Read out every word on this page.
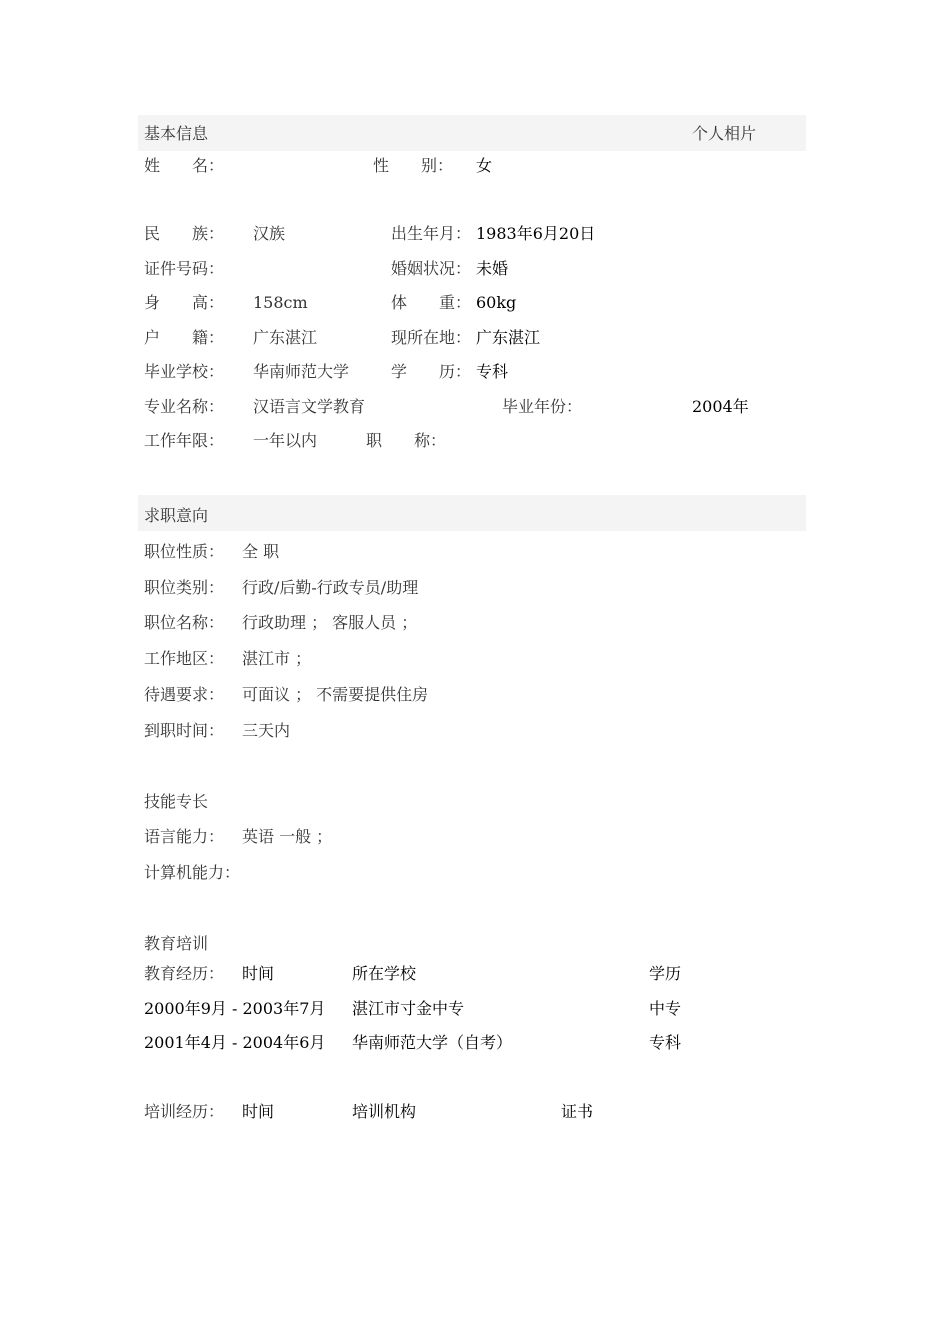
基本信息	个人相片
姓　　名：	性　　别： 女
民　　族： 汉族	出生年月： 1983年6月20日
证件号码：	婚姻状况： 未婚
身　　高： 158cm	体　　重： 60kg
户　　籍： 广东湛江	现所在地： 广东湛江
毕业学校： 华南师范大学	学　　历： 专科
专业名称： 汉语言文学教育	毕业年份：	2004年
工作年限： 一年以内	职　　称：
求职意向
职位性质： 全 职
职位类别： 行政/后勤-行政专员/助理
职位名称： 行政助理 ； 客服人员 ；
工作地区： 湛江市 ；
待遇要求： 可面议 ； 不需要提供住房
到职时间： 三天内
技能专长
语言能力： 英语 一般 ；
计算机能力：
教育培训
教育经历： 时间	所在学校	学历
2000年9月 - 2003年7月 湛江市寸金中专	中专
2001年4月 - 2004年6月 华南师范大学（自考）	专科
培训经历： 时间	培训机构	证书
